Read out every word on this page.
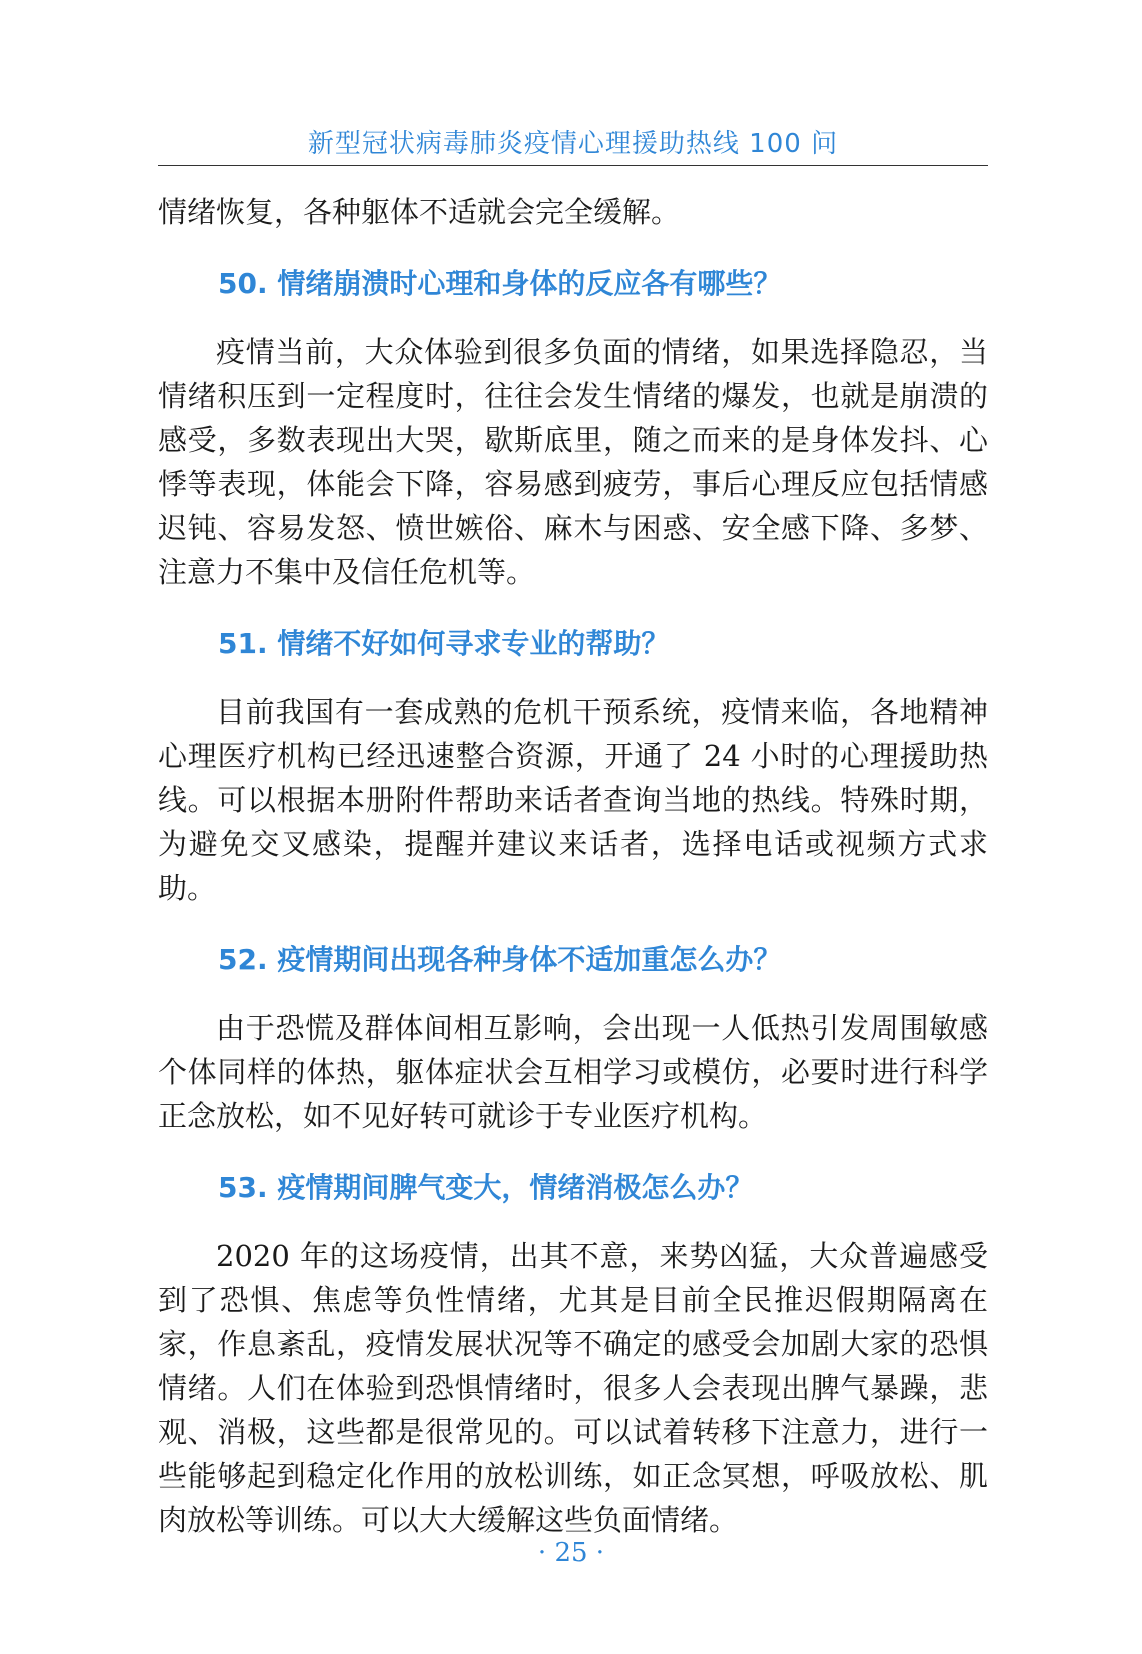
新型冠状病毒肺炎疫情心理援助热线 100 问

情绪恢复，各种躯体不适就会完全缓解。

50. 情绪崩溃时心理和身体的反应各有哪些？

疫情当前，大众体验到很多负面的情绪，如果选择隐忍，当情绪积压到一定程度时，往往会发生情绪的爆发，也就是崩溃的感受，多数表现出大哭，歇斯底里，随之而来的是身体发抖、心悸等表现，体能会下降，容易感到疲劳，事后心理反应包括情感迟钝、容易发怒、愤世嫉俗、麻木与困惑、安全感下降、多梦、注意力不集中及信任危机等。

51. 情绪不好如何寻求专业的帮助？

目前我国有一套成熟的危机干预系统，疫情来临，各地精神心理医疗机构已经迅速整合资源，开通了 24 小时的心理援助热线。可以根据本册附件帮助来话者查询当地的热线。特殊时期，为避免交叉感染，提醒并建议来话者，选择电话或视频方式求助。

52. 疫情期间出现各种身体不适加重怎么办？

由于恐慌及群体间相互影响，会出现一人低热引发周围敏感个体同样的体热，躯体症状会互相学习或模仿，必要时进行科学正念放松，如不见好转可就诊于专业医疗机构。

53. 疫情期间脾气变大，情绪消极怎么办？

2020 年的这场疫情，出其不意，来势凶猛，大众普遍感受到了恐惧、焦虑等负性情绪，尤其是目前全民推迟假期隔离在家，作息紊乱，疫情发展状况等不确定的感受会加剧大家的恐惧情绪。人们在体验到恐惧情绪时，很多人会表现出脾气暴躁，悲观、消极，这些都是很常见的。可以试着转移下注意力，进行一些能够起到稳定化作用的放松训练，如正念冥想，呼吸放松、肌肉放松等训练。可以大大缓解这些负面情绪。

· 25 ·
